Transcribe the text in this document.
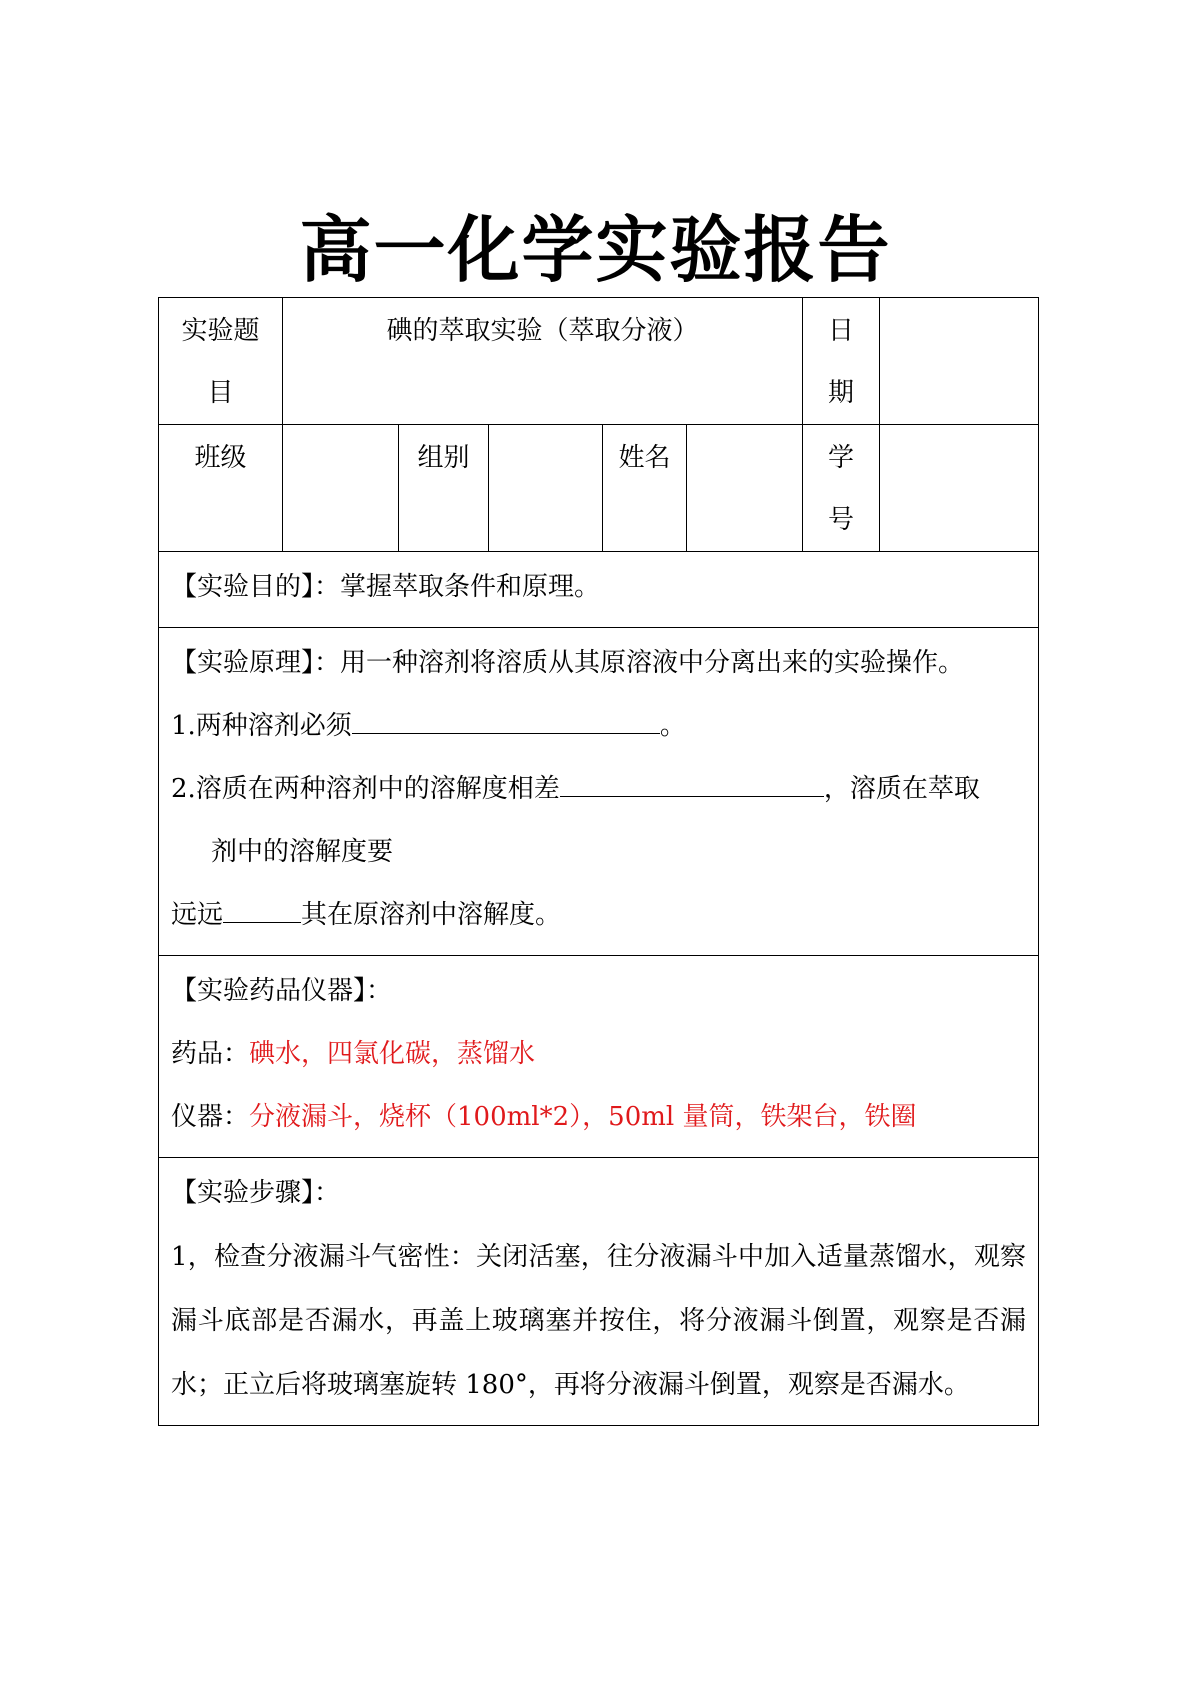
高一化学实验报告
实验题目	碘的萃取实验（萃取分液）					日期	
班级		组别		姓名		学号	

【实验目的】：掌握萃取条件和原理。							

【实验原理】：用一种溶剂将溶质从其原溶液中分离出来的实验操作。
1.两种溶剂必须 。
2.溶质在两种溶剂中的溶解度相差 ，溶质在萃取
剂中的溶解度要
远远 其在原溶剂中溶解度。							

【实验药品仪器】：
药品：碘水，四氯化碳，蒸馏水
仪器：分液漏斗，烧杯（100ml*2），50ml 量筒，铁架台，铁圈							

【实验步骤】：
1，检查分液漏斗气密性：关闭活塞，往分液漏斗中加入适量蒸馏水，观察漏斗底部是否漏水，再盖上玻璃塞并按住，将分液漏斗倒置，观察是否漏水；正立后将玻璃塞旋转 180°，再将分液漏斗倒置，观察是否漏水。							
